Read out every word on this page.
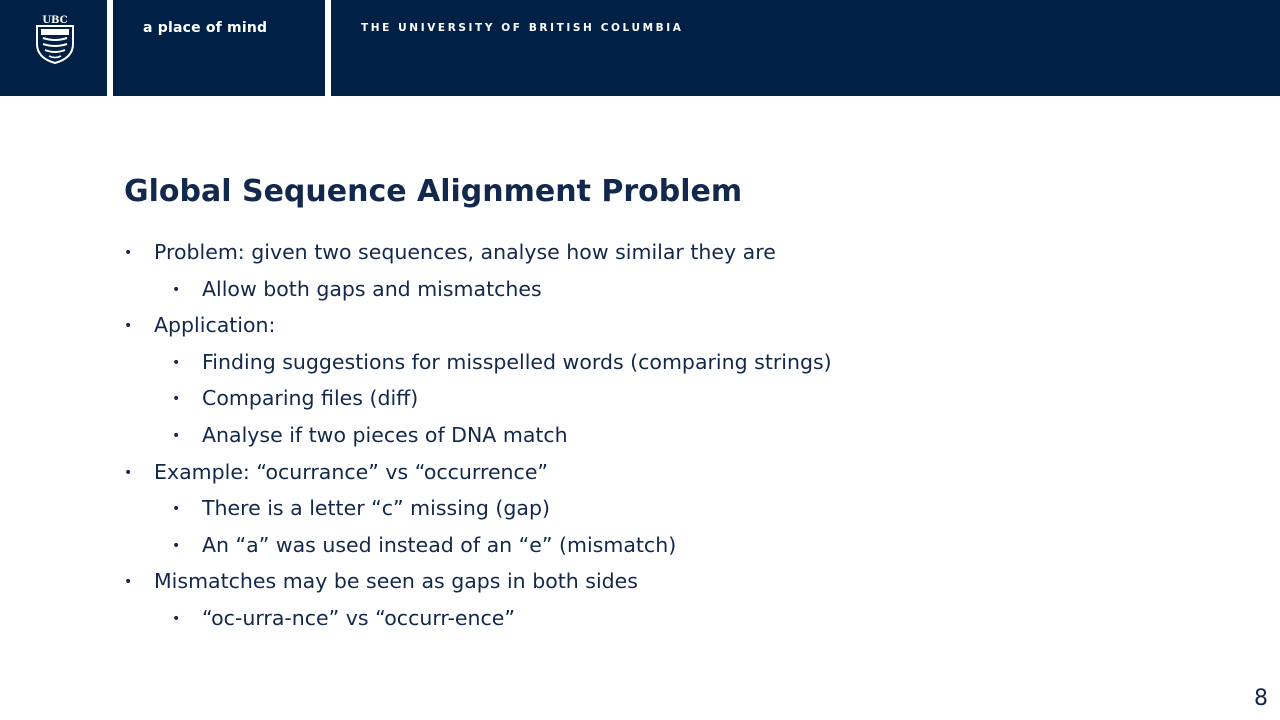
UBC	a place of mind	THE UNIVERSITY OF BRITISH COLUMBIA
Global Sequence Alignment Problem
• Problem: given two sequences, analyse how similar they are
• Allow both gaps and mismatches
• Application:
• Finding suggestions for misspelled words (comparing strings)
• Comparing files (diff)
• Analyse if two pieces of DNA match
• Example: “ocurrance” vs “occurrence”
• There is a letter “c” missing (gap)
• An “a” was used instead of an “e” (mismatch)
• Mismatches may be seen as gaps in both sides
• “oc-urra-nce” vs “occurr-ence”
8
